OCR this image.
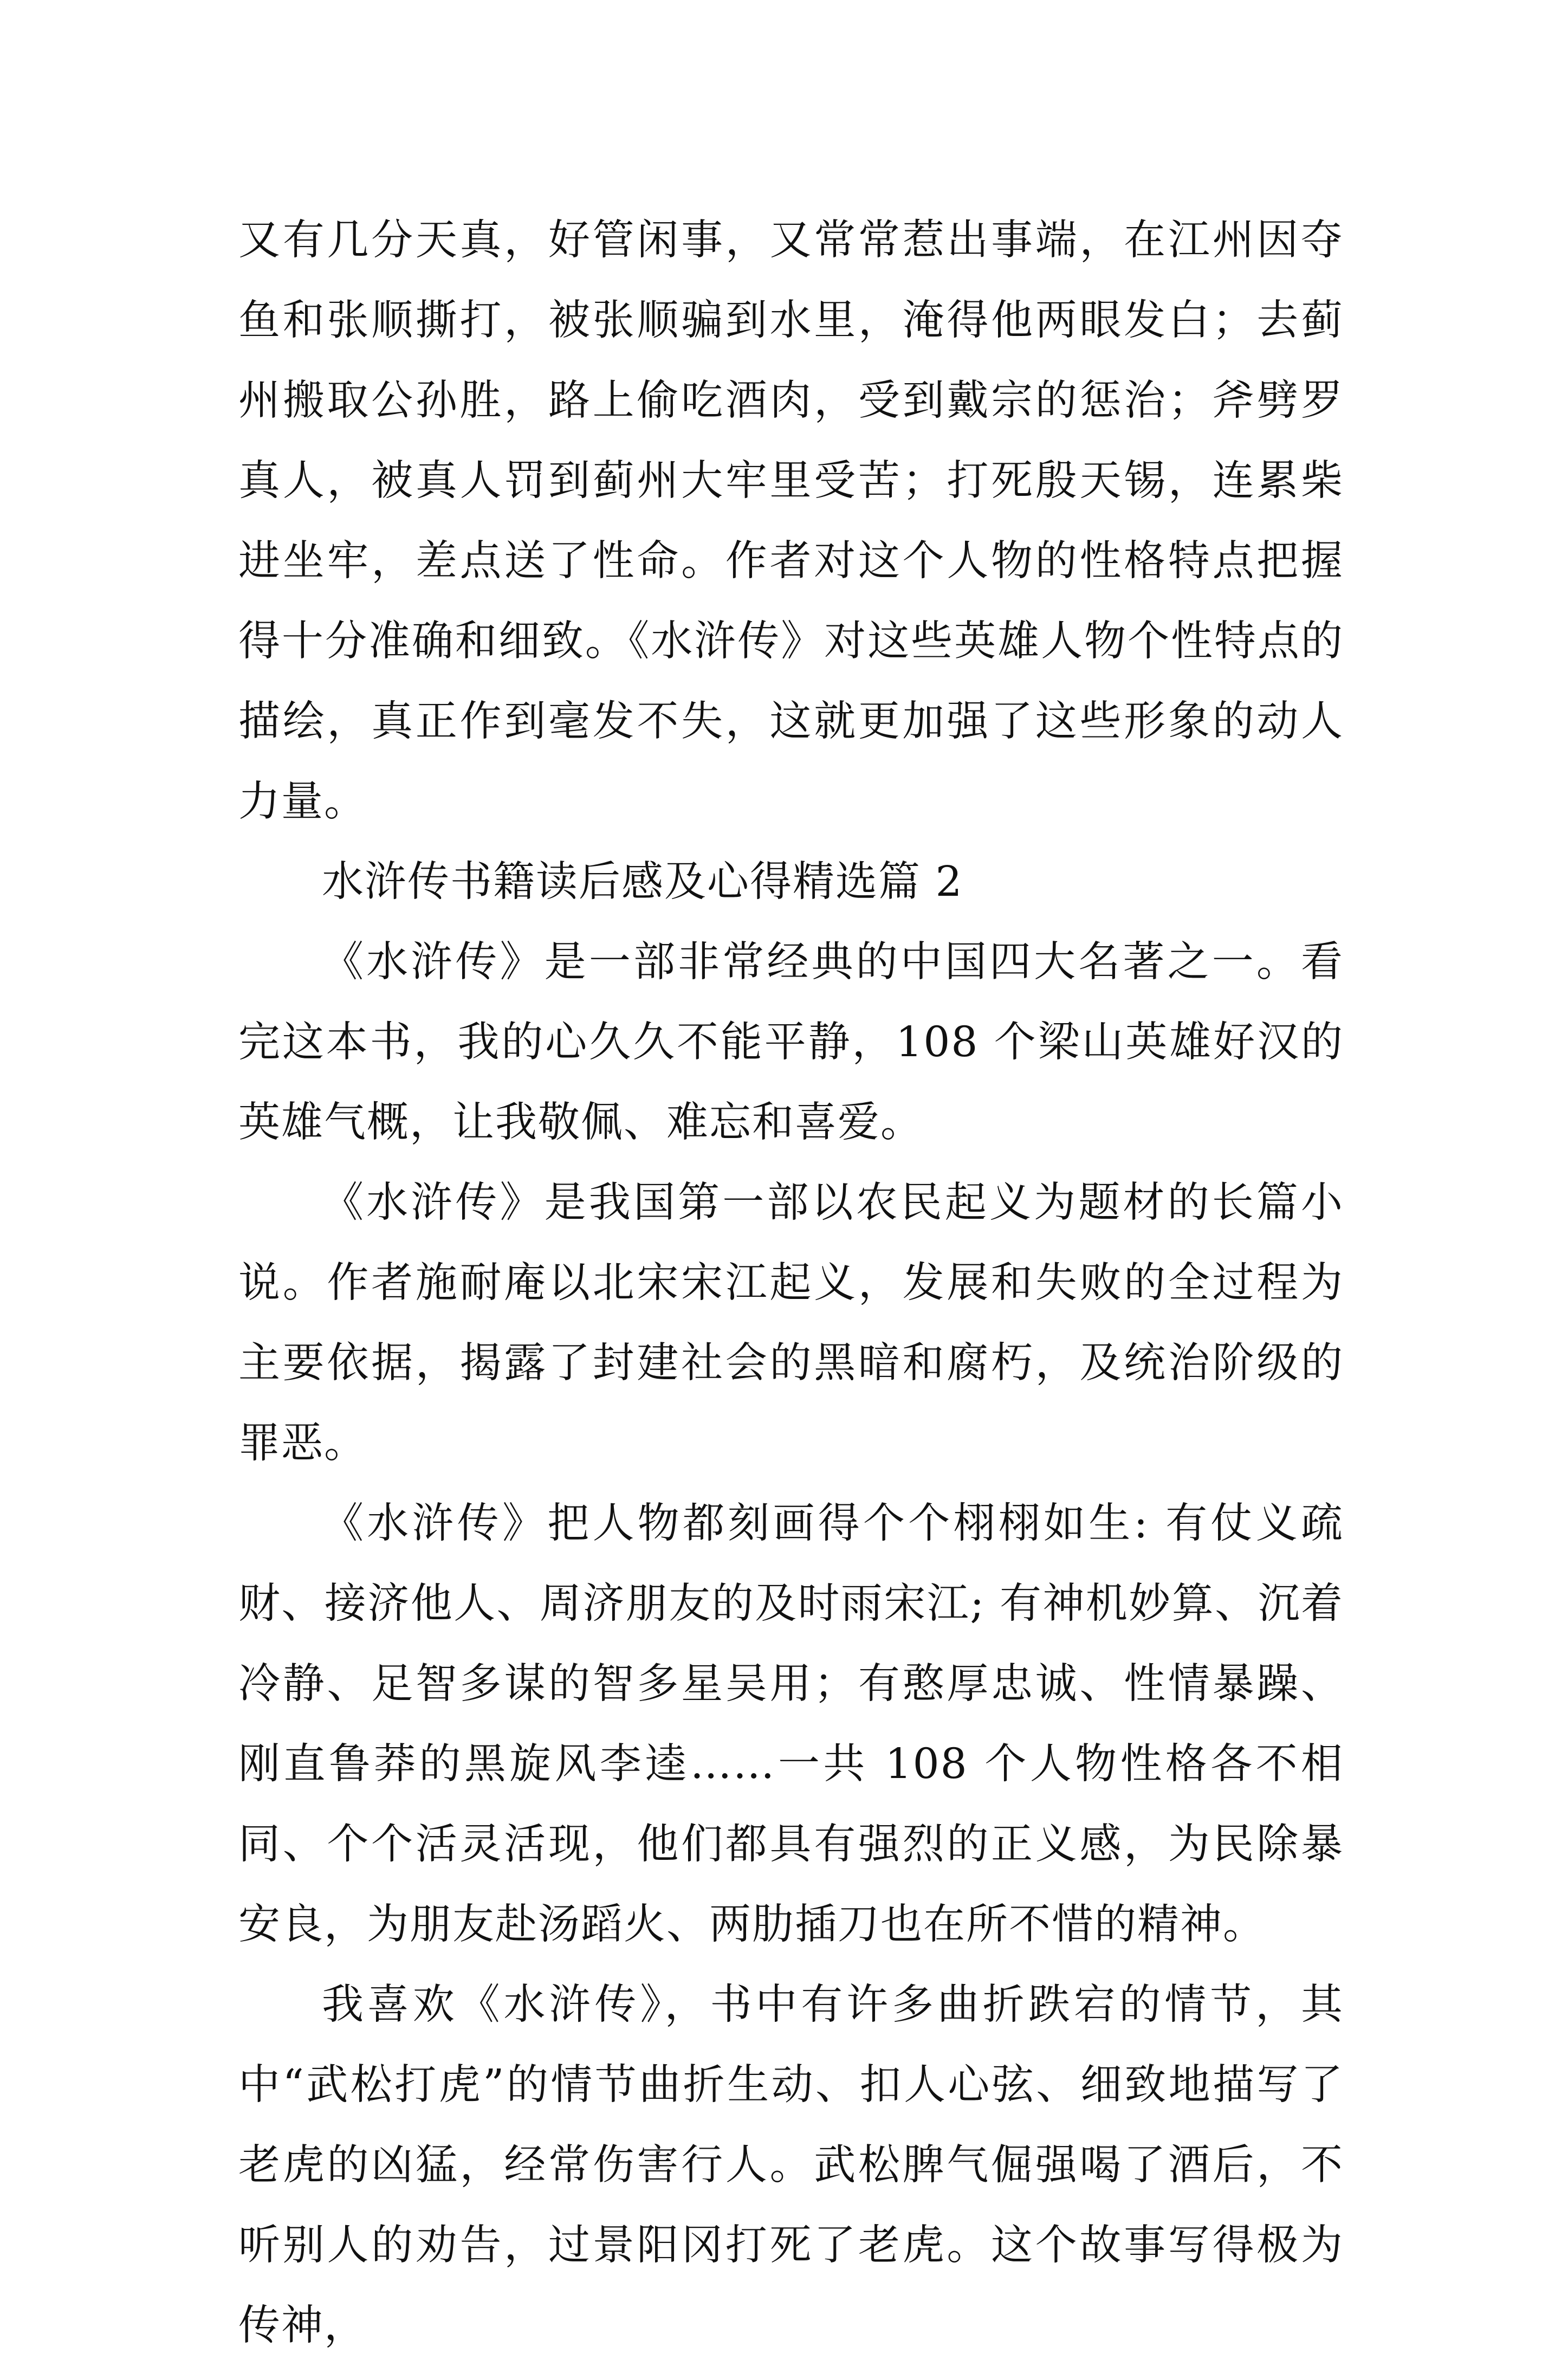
又有几分天真，好管闲事，又常常惹出事端，在江州因夺鱼和张顺撕打，被张顺骗到水里，淹得他两眼发白；去蓟州搬取公孙胜，路上偷吃酒肉，受到戴宗的惩治；斧劈罗真人，被真人罚到蓟州大牢里受苦；打死殷天锡，连累柴进坐牢，差点送了性命。作者对这个人物的性格特点把握得十分准确和细致。《水浒传》对这些英雄人物个性特点的描绘，真正作到毫发不失，这就更加强了这些形象的动人力量。

水浒传书籍读后感及心得精选篇 2

《水浒传》是一部非常经典的中国四大名著之一。看完这本书，我的心久久不能平静，108 个梁山英雄好汉的英雄气概，让我敬佩、难忘和喜爱。

《水浒传》是我国第一部以农民起义为题材的长篇小说。作者施耐庵以北宋宋江起义，发展和失败的全过程为主要依据，揭露了封建社会的黑暗和腐朽，及统治阶级的罪恶。

《水浒传》把人物都刻画得个个栩栩如生: 有仗义疏财、接济他人、周济朋友的及时雨宋江; 有神机妙算、沉着冷静、足智多谋的智多星吴用；有憨厚忠诚、性情暴躁、刚直鲁莽的黑旋风李逵……一共 108 个人物性格各不相同、个个活灵活现，他们都具有强烈的正义感，为民除暴安良，为朋友赴汤蹈火、两肋插刀也在所不惜的精神。

我喜欢《水浒传》，书中有许多曲折跌宕的情节，其中“武松打虎”的情节曲折生动、扣人心弦、细致地描写了老虎的凶猛，经常伤害行人。武松脾气倔强喝了酒后，不听别人的劝告，过景阳冈打死了老虎。这个故事写得极为传神，
